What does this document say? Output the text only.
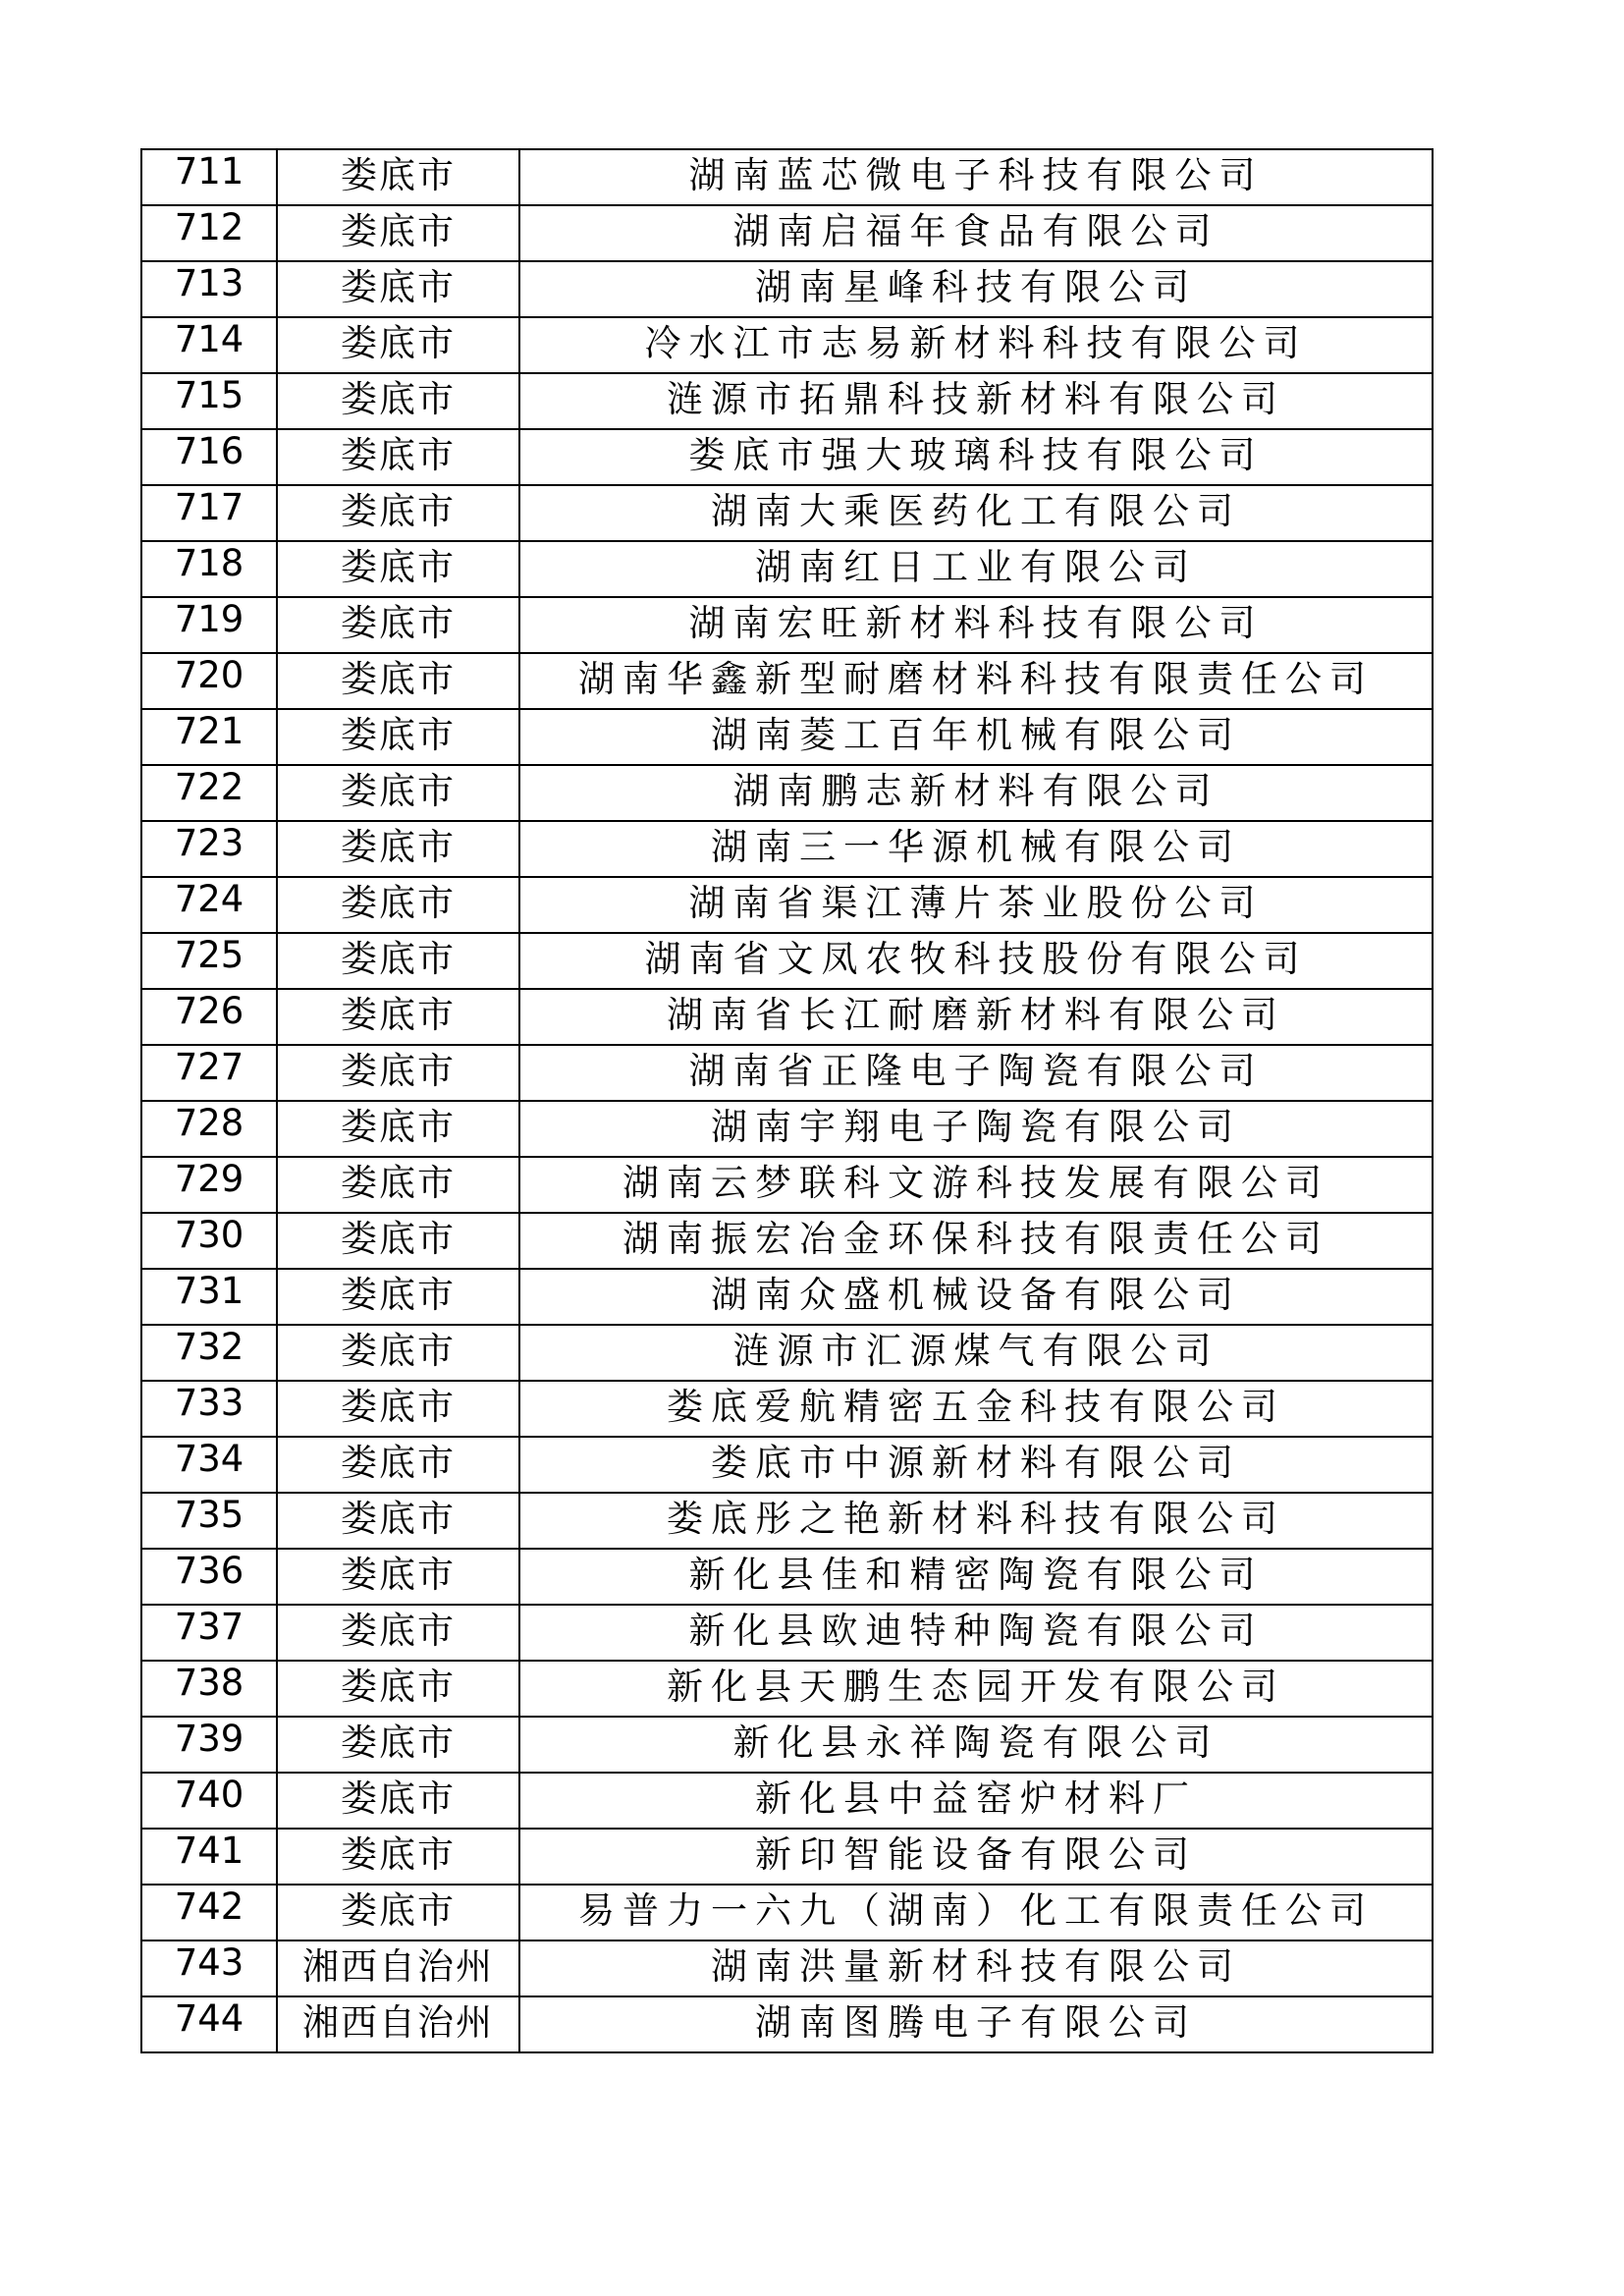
711	娄底市	湖南蓝芯微电子科技有限公司
712	娄底市	湖南启福年食品有限公司
713	娄底市	湖南星峰科技有限公司
714	娄底市	冷水江市志易新材料科技有限公司
715	娄底市	涟源市拓鼎科技新材料有限公司
716	娄底市	娄底市强大玻璃科技有限公司
717	娄底市	湖南大乘医药化工有限公司
718	娄底市	湖南红日工业有限公司
719	娄底市	湖南宏旺新材料科技有限公司
720	娄底市	湖南华鑫新型耐磨材料科技有限责任公司
721	娄底市	湖南菱工百年机械有限公司
722	娄底市	湖南鹏志新材料有限公司
723	娄底市	湖南三一华源机械有限公司
724	娄底市	湖南省渠江薄片茶业股份公司
725	娄底市	湖南省文凤农牧科技股份有限公司
726	娄底市	湖南省长江耐磨新材料有限公司
727	娄底市	湖南省正隆电子陶瓷有限公司
728	娄底市	湖南宇翔电子陶瓷有限公司
729	娄底市	湖南云梦联科文游科技发展有限公司
730	娄底市	湖南振宏冶金环保科技有限责任公司
731	娄底市	湖南众盛机械设备有限公司
732	娄底市	涟源市汇源煤气有限公司
733	娄底市	娄底爱航精密五金科技有限公司
734	娄底市	娄底市中源新材料有限公司
735	娄底市	娄底彤之艳新材料科技有限公司
736	娄底市	新化县佳和精密陶瓷有限公司
737	娄底市	新化县欧迪特种陶瓷有限公司
738	娄底市	新化县天鹏生态园开发有限公司
739	娄底市	新化县永祥陶瓷有限公司
740	娄底市	新化县中益窑炉材料厂
741	娄底市	新印智能设备有限公司
742	娄底市	易普力一六九（湖南）化工有限责任公司
743	湘西自治州	湖南洪量新材科技有限公司
744	湘西自治州	湖南图腾电子有限公司
